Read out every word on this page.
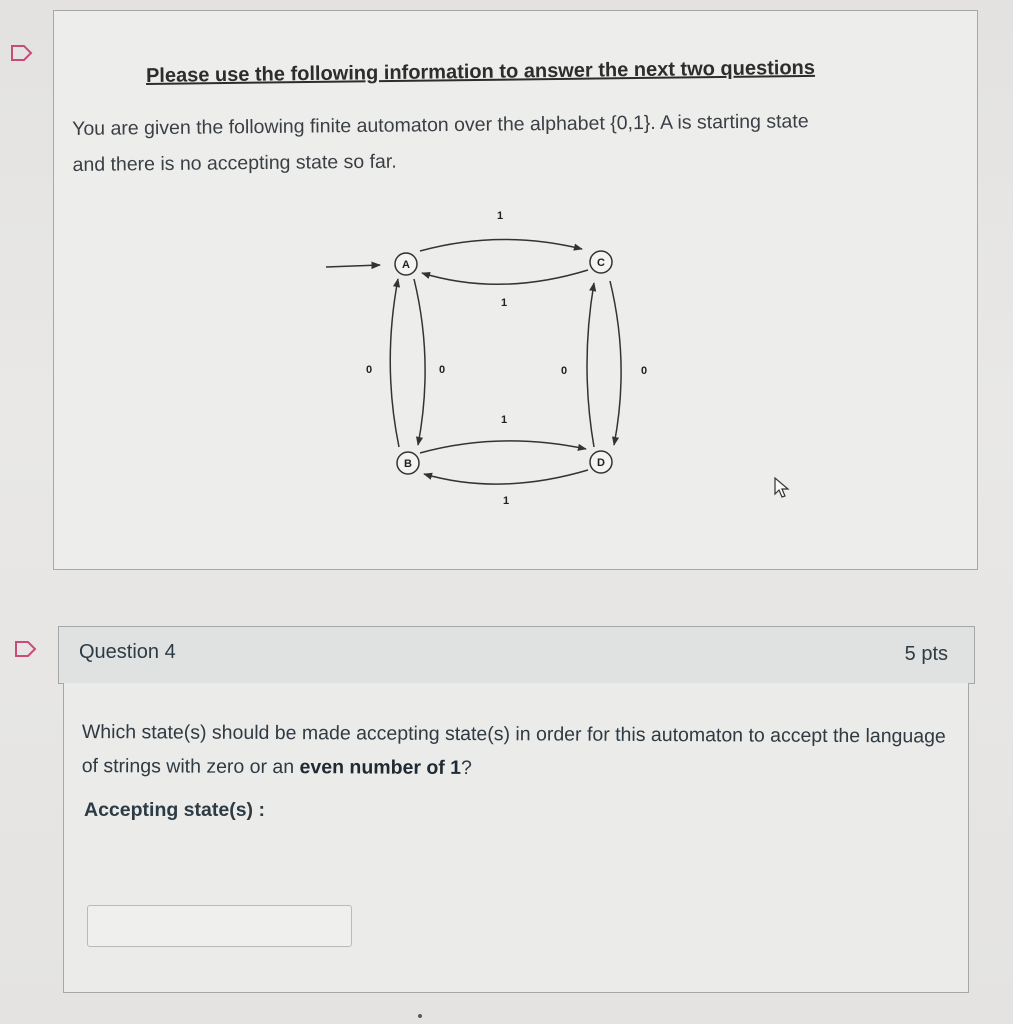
Please use the following information to answer the next two questions
You are given the following finite automaton over the alphabet {0,1}. A is starting state
and there is no accepting state so far.
A
B
C
D
1
1
1
1
0	0	0	0
Question 4	5 pts
Which state(s) should be made accepting state(s) in order for this automaton to accept the language of strings with zero or an even number of 1?
Accepting state(s) :
